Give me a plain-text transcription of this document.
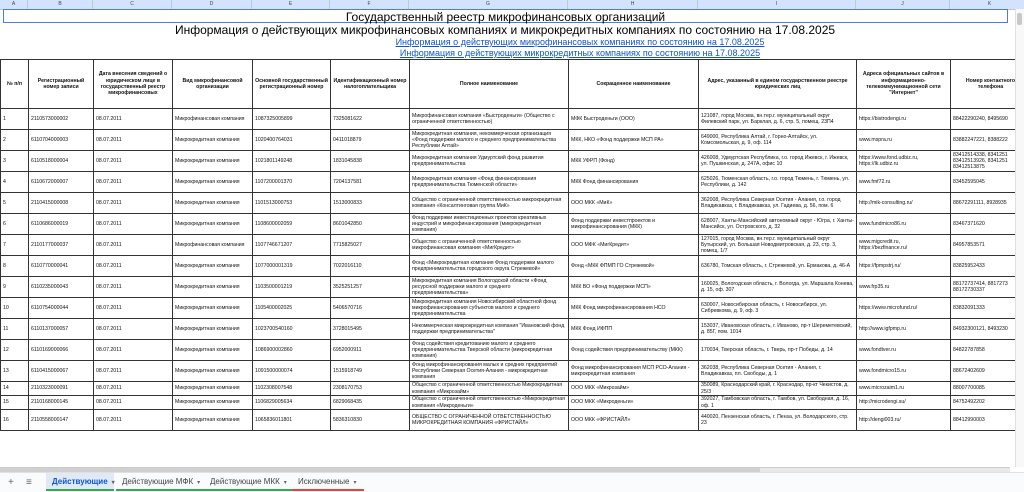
A	B	C	D	E	F	G	H	I	J	K
Государственный реестр микрофинансовых организаций
Информация о действующих микрофинансовых компаниях и микрокредитных компаниях по состоянию на 17.08.2025
Информация о действующих микрофинансовых компаниях по состоянию на 17.08.2025
Информация о действующих микрокредитных компаниях по состоянию на 17.08.2025
№ п/п	Регистрационный номер записи	Дата внесения сведений о юридическом лице в государственный реестр микрофинансовых	Вид микрофинансовой организации	Основной государственный регистрационный номер	Идентификационный номер налогоплательщика	Полное наименование	Сокращенное наименование	Адрес, указанный в едином государственном реестре юридических лиц	Адреса официальных сайтов в информационно-телекоммуникационной сети "Интернет"	Номер контактного телефона
1	2110573000002	08.07.2011	Микрофинансовая компания	1087325005899	7325081622	Микрофинансовая компания «Быстроденьги» (Общество с ограниченной ответственностью)	МФК Быстроденьги (ООО)	121087, город Москва, вн.тер.г. муниципальный округ Филевский парк, ул. Барклая, д. 6, стр. 5, помещ. 23П4	https://bistrodengi.ru	88422290240, 8495690
2	6110704000003	08.07.2011	Микрокредитная компания	1020400764031	0411018879	Микрокредитная компания, некоммерческая организация «Фонд поддержки малого и среднего предпринимательства Республики Алтай»	МКК, НКО «Фонд поддержки МСП РА»	649000, Республика Алтай, г. Горно-Алтайск, ул. Комсомольская, д. 9, оф. 114	www.mspra.ru	83882247221, 8388222
3	6110518000004	08.07.2011	Микрокредитная компания	1021801149248	1831045838	Микрокредитная компания Удмуртский фонд развития предпринимательства	МКК УФРП (Фонд)	426008, Удмуртская Республика, г.о. город Ижевск, г. Ижевск, ул. Пушкинская, д. 247А, офис 10	https://www.fond.udbiz.ru, https://lk.udbiz.ru	83412514338, 8341251 83412513926, 8341251 83412513875
4	6110672000007	08.07.2011	Микрокредитная компания	1107200001370	7204137581	Микрокредитная компания «Фонд финансирования предпринимательства Тюменской области»	МКК Фонд финансирования	625026, Тюменская область, г.о. город Тюмень, г. Тюмень, ул. Республики, д. 142	www.fmf72.ru	83452595045
5	2110415000008	08.07.2011	Микрокредитная компания	1101513000753	1513000833	Общество с ограниченной ответственностью микрокредитная компания «Консалтинговая группа МиК»	ООО МКК «МиК»	362008, Республика Северная Осетия - Алания, г.о. город Владикавказ, г. Владикавказ, ул. Гадиева, д. 56, пом. 6	http://mik-consulting.ru/	88672291111, 8928935
6	6110686000019	08.07.2011	Микрокредитная компания	1108600002059	8601042850	Фонд поддержки инвестиционных проектов креативных индустрий и микрофинансирования (микрокредитная компания)	Фонд поддержки инвестпроектов и микрофинансирования (МКК)	628007, Ханты-Мансийский автономный округ - Югра, г. Ханты-Мансийск, ул. Островского, д. 32	www.fundmicro86.ru	83467371620
7	2110177000037	08.07.2011	Микрофинансовая компания	1107746671207	7715825027	Общество с ограниченной ответственностью микрофинансовая компания «МигКредит»	ООО МФК «МигКредит»	127015, город Москва, вн.тер.г. муниципальный округ Бутырский, ул. Большая Новодмитровская, д. 23, стр. 3, помещ. 1/7	www.migcredit.ru, https://bezfinance.ru/	84957853571
8	6110770000041	08.07.2011	Микрокредитная компания	1077000001319	7022016110	Фонд «Микрокредитная компания Фонд поддержки малого предпринимательства городского округа Стрежевой»	Фонд «МКК ФПМП ГО Стрежевой»	636780, Томская область, г. Стрежевой, ул. Ермакова, д. 46-А	https://fpmpstrj.ru/	83825952433
9	6110235000043	08.07.2011	Микрокредитная компания	1103500001219	3525251257	Микрокредитная компания Вологодской области «Фонд ресурсной поддержки малого и среднего предпринимательства»	МКК ВО «Фонд поддержки МСП»	160025, Вологодская область, г. Вологда, ул. Маршала Конева, д. 15, оф. 307	www.frp35.ru	88172737414, 8817273 88172730337
10	6110754000044	08.07.2011	Микрокредитная компания	1105400002025	5406570716	Микрокредитная компания Новосибирский областной фонд микрофинансирования субъектов малого и среднего предпринимательства	МКК Фонд микрофинансирования НСО	630007, Новосибирская область, г. Новосибирск, ул. Сибревкома, д. 9, оф. 3	https://www.microfund.ru/	83832091333
11	6110137000057	08.07.2011	Микрокредитная компания	1023700540160	3728015495	Некоммерческая микрокредитная компания "Ивановский фонд поддержки предпринимательства"	МКК Фонд ИФПП	153037, Ивановская область, г. Иваново, пр-т Шереметевский, д. 85Г, пом. 1014	http://www.igfpmp.ru	84932300121, 8493230
12	6110169000066	08.07.2011	Микрокредитная компания	1086900002860	6952000911	Фонд содействия кредитованию малого и среднего предпринимательства Тверской области (микрокредитная компания)	Фонд содействия предпринимательству (МКК)	170034, Тверская область, г. Тверь, пр-т Победы, д. 14	www.fondtver.ru	84822787858
13	6110415000067	08.07.2011	Микрокредитная компания	1091500000074	1515918749	Фонд микрофинансирования малых и средних предприятий Республики Северная Осетия-Алания - микрокредитная компания	Фонд микрофинансирования МСП РСО-Алания - микрокредитная компания	362038, Республика Северная Осетия - Алания, г. Владикавказ, пл. Свободы, д. 1	www.fondmicro15.ru	88672402609
14	2110323000091	08.07.2011	Микрокредитная компания	1102308007548	2308170753	Общество с ограниченной ответственностью Микрокредитная компания «Микрозайм»	ООО МКК «Микрозайм»	350089, Краснодарский край, г. Краснодар, пр-кт Чекистов, д. 25/3	www.microzaim1.ru	88007700085
15	2110168000145	08.07.2011	Микрокредитная компания	1106829005634	6829068435	Общество с ограниченной ответственностью «Микрокредитная компания «Микроденьги»	ООО МКК «Микроденьги»	392027, Тамбовская область, г. Тамбов, ул. Свободная, д. 16, оф. 1	http://microdengi.su/	84752492202
16	2110558000147	08.07.2011	Микрокредитная компания	1065836011801	5836310830	ОБЩЕСТВО С ОГРАНИЧЕННОЙ ОТВЕТСТВЕННОСТЬЮ МИКРОКРЕДИТНАЯ КОМПАНИЯ «ФРИСТАЙЛ»	ООО МКК «ФРИСТАЙЛ»	440020, Пензенская область, г. Пенза, ул. Володарского, стр. 23	http://dengi003.ru/	88412990003
+ ≡	Действующие ▾ Действующие МФК ▾	Действующие МКК ▾	Исключенные ▾
